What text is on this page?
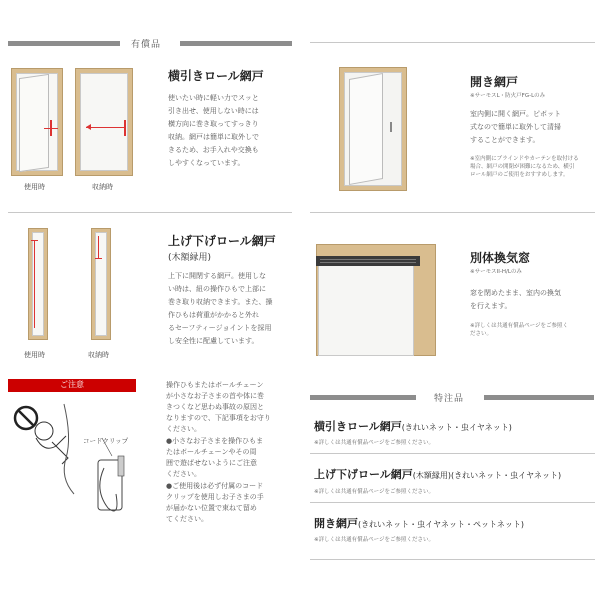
有償品
使用時	収納時
横引きロール網戸
使いたい時に軽い力でスッと
引き出せ、使用しない時には
横方向に巻き取ってすっきり
収納。網戸は簡単に取外しで
きるため、お手入れや交換も
しやすくなっています。
使用時	収納時
上げ下げロール網戸
(木額縁用)
上下に開閉する網戸。使用しな
い時は、紐の操作ひもで上部に
巻き取り収納できます。また、操
作ひもは荷重がかかると外れ
るセーフティージョイントを採用
し安全性に配慮しています。
ご注意
コードクリップ
操作ひもまたはボールチェーン
が小さなお子さまの首や体に巻
きつくなど思わぬ事故の原因と
なりますので、下記事項をお守り
ください。
●小さなお子さまを操作ひもま
たはボールチェーンやその周
囲で遊ばせないようにご注意
ください。
●ご使用後は必ず付属のコード
クリップを使用しお子さまの手
が届かない位置で束ねて留め
てください。
開き網戸
※サーモスL・防火戸FG-Lのみ
室内側に開く網戸。ピボット
式なので簡単に取外して清掃
することができます。
※室内側にブラインドやカーテンを取付ける
場合、網戸の開閉が困難になるため、横引
ロール網戸のご使用をおすすめします。
別体換気窓
※サーモスII-H/Lのみ
窓を閉めたまま、室内の換気
を行えます。
※詳しくは共通有償品ページをご参照く
ださい。
特注品
横引きロール網戸(きれいネット・虫イヤネット)
※詳しくは共通有償品ページをご参照ください。
上げ下げロール網戸(木額縁用)(きれいネット・虫イヤネット)
※詳しくは共通有償品ページをご参照ください。
開き網戸(きれいネット・虫イヤネット・ペットネット)
※詳しくは共通有償品ページをご参照ください。
